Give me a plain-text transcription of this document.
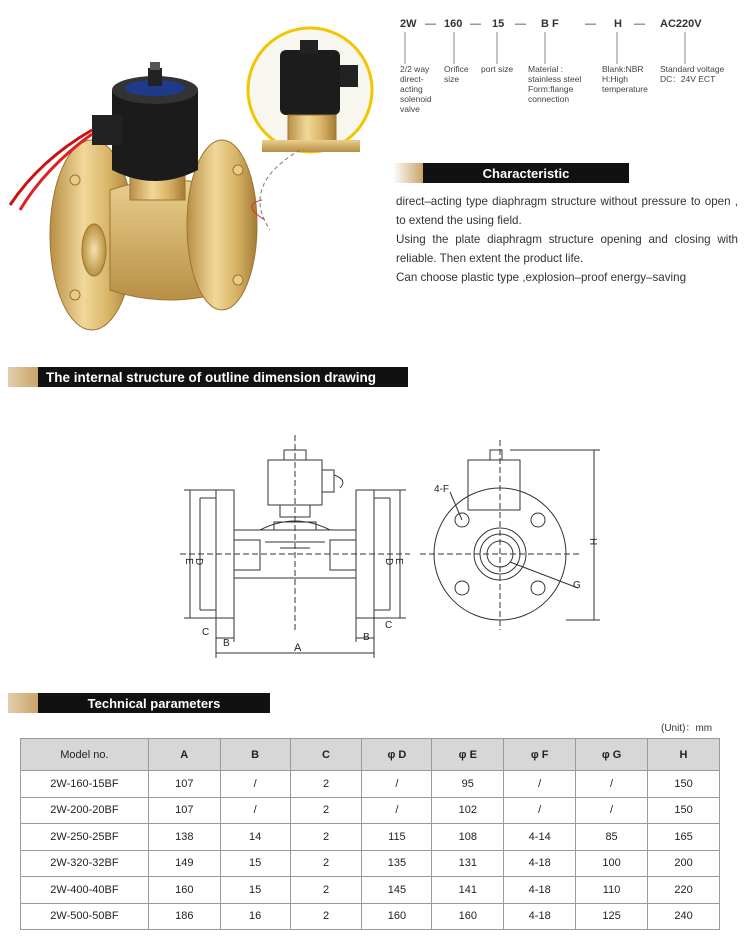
2W — 160 — 15 — B F — H — AC220V
2/2 way
direct-
acting
solenoid
valve
Orifice
size
port size Material :
stainless steel
Form:flange
connection
Blank:NBR
H:High
temperature
Standard voltage
DC：24V ECT
Characteristic

direct–acting type diaphragm structure without pressure to open , to extend the using field.

Using the plate diaphragm structure opening and closing with reliable. Then extent the product life.

Can choose plastic type ,explosion–proof energy–saving

The internal structure of outline dimension drawing
A
B
C	B
C
E D	D E
H
4-F
G
Technical parameters
(Unit)：mm
Model no.	A	B	C	φ D	φ E	φ F	φ G	H
2W-160-15BF	107	/	2	/	95	/	/	150
2W-200-20BF	107	/	2	/	102	/	/	150
2W-250-25BF	138	14	2	115	108	4-14	85	165
2W-320-32BF	149	15	2	135	131	4-18	100	200
2W-400-40BF	160	15	2	145	141	4-18	110	220
2W-500-50BF	186	16	2	160	160	4-18	125	240
